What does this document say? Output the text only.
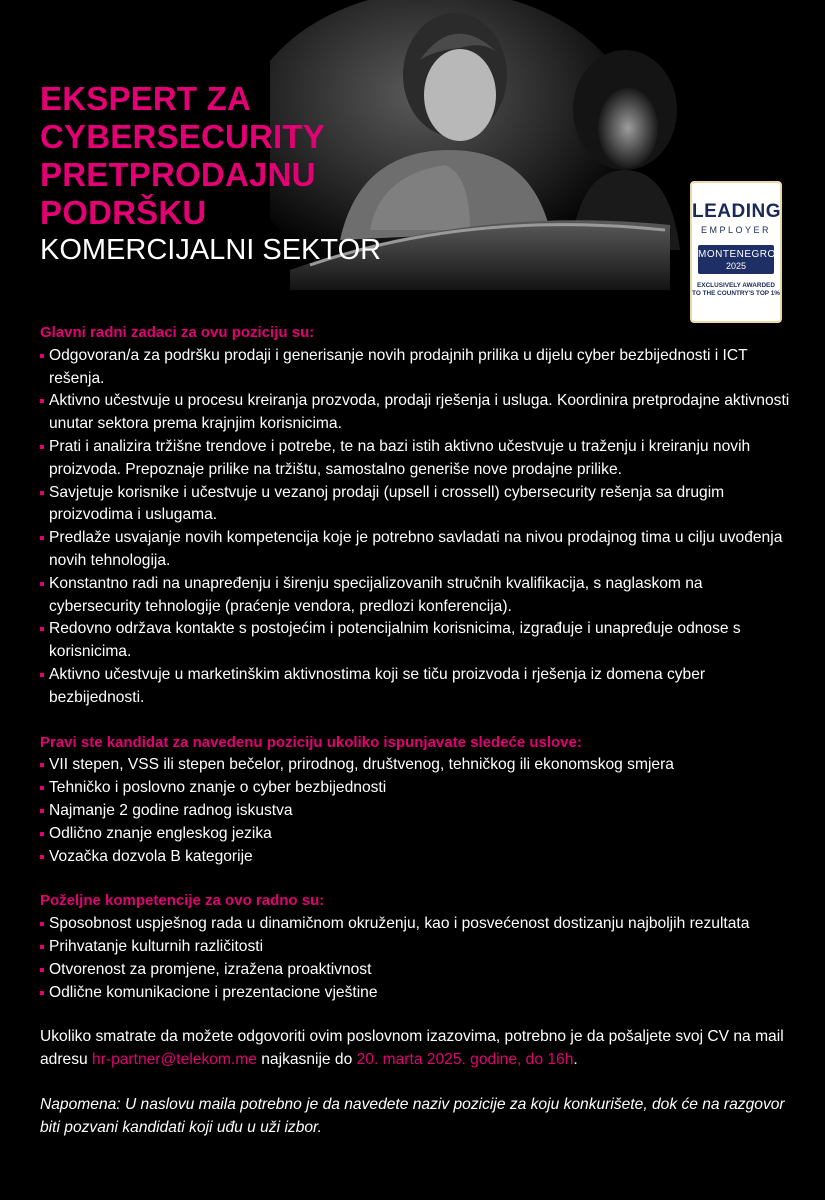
EKSPERT ZA
CYBERSECURITY
PRETPRODAJNU
PODRŠKU
KOMERCIJALNI SEKTOR
LEADING
EMPLOYER
MONTENEGRO
2025
EXCLUSIVELY AWARDED
TO THE COUNTRY'S TOP 1%

Glavni radni zadaci za ovu poziciju su:

Odgovoran/a za podršku prodaji i generisanje novih prodajnih prilika u dijelu cyber bezbijednosti i ICT rešenja.
Aktivno učestvuje u procesu kreiranja prozvoda, prodaji rješenja i usluga. Koordinira pretprodajne aktivnosti unutar sektora prema krajnjim korisnicima.
Prati i analizira tržišne trendove i potrebe, te na bazi istih aktivno učestvuje u traženju i kreiranju novih proizvoda. Prepoznaje prilike na tržištu, samostalno generiše nove prodajne prilike.
Savjetuje korisnike i učestvuje u vezanoj prodaji (upsell i crossell) cybersecurity rešenja sa drugim proizvodima i uslugama.
Predlaže usvajanje novih kompetencija koje je potrebno savladati na nivou prodajnog tima u cilju uvođenja novih tehnologija.
Konstantno radi na unapređenju i širenju specijalizovanih stručnih kvalifikacija, s naglaskom na cybersecurity tehnologije (praćenje vendora, predlozi konferencija).
Redovno održava kontakte s postojećim i potencijalnim korisnicima, izgrađuje i unapređuje odnose s korisnicima.
Aktivno učestvuje u marketinškim aktivnostima koji se tiču proizvoda i rješenja iz domena cyber bezbijednosti.

Pravi ste kandidat za navedenu poziciju ukoliko ispunjavate sledeće uslove:

VII stepen, VSS ili stepen bečelor, prirodnog, društvenog, tehničkog ili ekonomskog smjera
Tehničko i poslovno znanje o cyber bezbijednosti
Najmanje 2 godine radnog iskustva
Odlično znanje engleskog jezika
Vozačka dozvola B kategorije

Poželjne kompetencije za ovo radno su:

Sposobnost uspješnog rada u dinamičnom okruženju, kao i posvećenost dostizanju najboljih rezultata
Prihvatanje kulturnih različitosti
Otvorenost za promjene, izražena proaktivnost
Odlične komunikacione i prezentacione vještine

Ukoliko smatrate da možete odgovoriti ovim poslovnom izazovima, potrebno je da pošaljete svoj CV na mail adresu hr-partner@telekom.me najkasnije do 20. marta 2025. godine, do 16h.

Napomena: U naslovu maila potrebno je da navedete naziv pozicije za koju konkurišete, dok će na razgovor biti pozvani kandidati koji uđu u uži izbor.
